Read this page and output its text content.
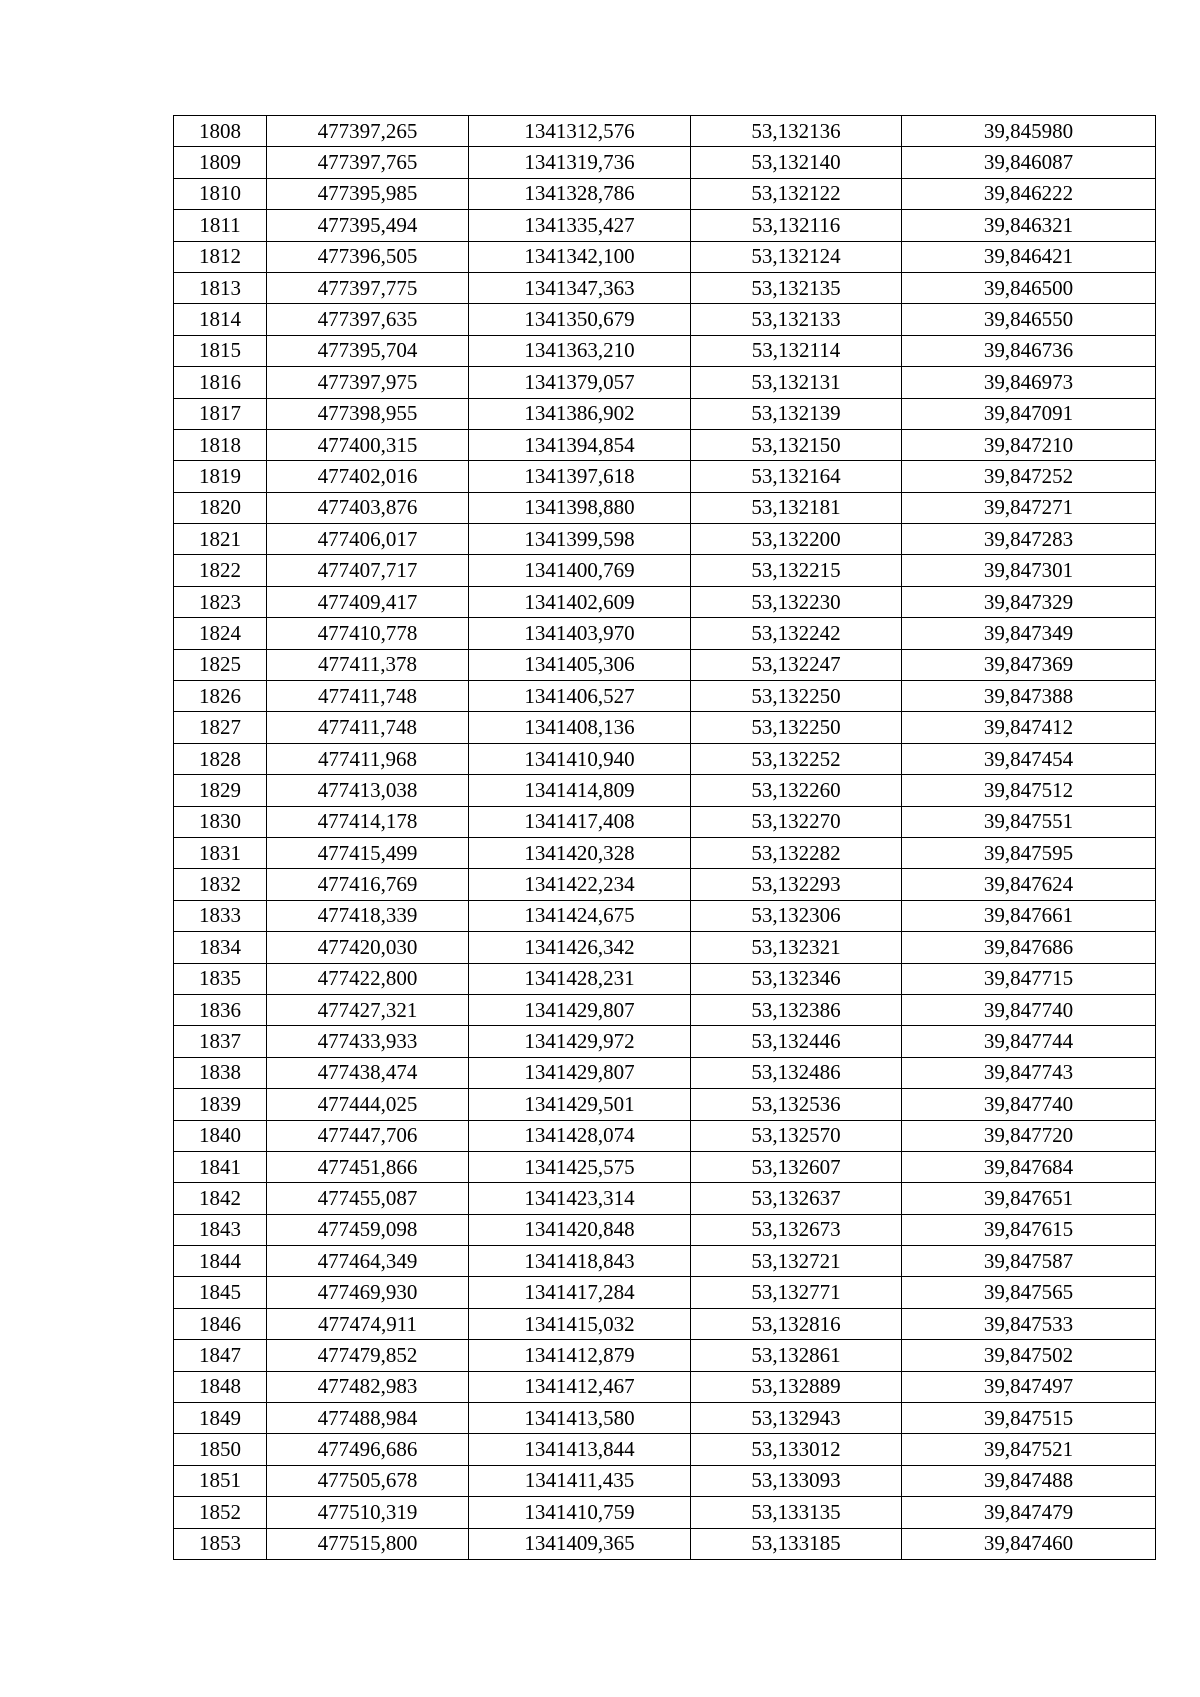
1808	477397,265	1341312,576	53,132136	39,845980
1809	477397,765	1341319,736	53,132140	39,846087
1810	477395,985	1341328,786	53,132122	39,846222
1811	477395,494	1341335,427	53,132116	39,846321
1812	477396,505	1341342,100	53,132124	39,846421
1813	477397,775	1341347,363	53,132135	39,846500
1814	477397,635	1341350,679	53,132133	39,846550
1815	477395,704	1341363,210	53,132114	39,846736
1816	477397,975	1341379,057	53,132131	39,846973
1817	477398,955	1341386,902	53,132139	39,847091
1818	477400,315	1341394,854	53,132150	39,847210
1819	477402,016	1341397,618	53,132164	39,847252
1820	477403,876	1341398,880	53,132181	39,847271
1821	477406,017	1341399,598	53,132200	39,847283
1822	477407,717	1341400,769	53,132215	39,847301
1823	477409,417	1341402,609	53,132230	39,847329
1824	477410,778	1341403,970	53,132242	39,847349
1825	477411,378	1341405,306	53,132247	39,847369
1826	477411,748	1341406,527	53,132250	39,847388
1827	477411,748	1341408,136	53,132250	39,847412
1828	477411,968	1341410,940	53,132252	39,847454
1829	477413,038	1341414,809	53,132260	39,847512
1830	477414,178	1341417,408	53,132270	39,847551
1831	477415,499	1341420,328	53,132282	39,847595
1832	477416,769	1341422,234	53,132293	39,847624
1833	477418,339	1341424,675	53,132306	39,847661
1834	477420,030	1341426,342	53,132321	39,847686
1835	477422,800	1341428,231	53,132346	39,847715
1836	477427,321	1341429,807	53,132386	39,847740
1837	477433,933	1341429,972	53,132446	39,847744
1838	477438,474	1341429,807	53,132486	39,847743
1839	477444,025	1341429,501	53,132536	39,847740
1840	477447,706	1341428,074	53,132570	39,847720
1841	477451,866	1341425,575	53,132607	39,847684
1842	477455,087	1341423,314	53,132637	39,847651
1843	477459,098	1341420,848	53,132673	39,847615
1844	477464,349	1341418,843	53,132721	39,847587
1845	477469,930	1341417,284	53,132771	39,847565
1846	477474,911	1341415,032	53,132816	39,847533
1847	477479,852	1341412,879	53,132861	39,847502
1848	477482,983	1341412,467	53,132889	39,847497
1849	477488,984	1341413,580	53,132943	39,847515
1850	477496,686	1341413,844	53,133012	39,847521
1851	477505,678	1341411,435	53,133093	39,847488
1852	477510,319	1341410,759	53,133135	39,847479
1853	477515,800	1341409,365	53,133185	39,847460
